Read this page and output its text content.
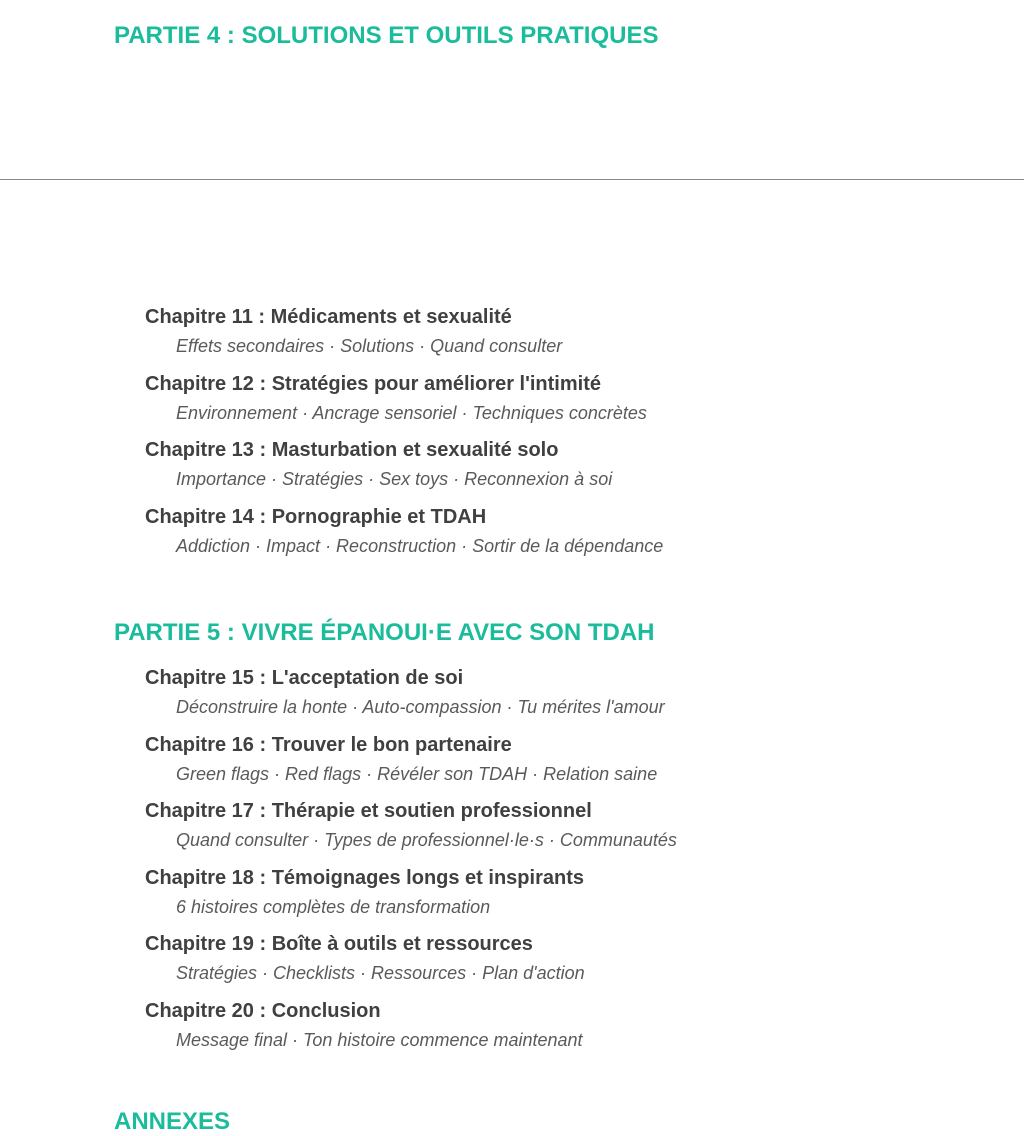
PARTIE 4 : SOLUTIONS ET OUTILS PRATIQUES
Chapitre 11 : Médicaments et sexualité
Effets secondaires · Solutions · Quand consulter
Chapitre 12 : Stratégies pour améliorer l'intimité
Environnement · Ancrage sensoriel · Techniques concrètes
Chapitre 13 : Masturbation et sexualité solo
Importance · Stratégies · Sex toys · Reconnexion à soi
Chapitre 14 : Pornographie et TDAH
Addiction · Impact · Reconstruction · Sortir de la dépendance
PARTIE 5 : VIVRE ÉPANOUI·E AVEC SON TDAH
Chapitre 15 : L'acceptation de soi
Déconstruire la honte · Auto-compassion · Tu mérites l'amour
Chapitre 16 : Trouver le bon partenaire
Green flags · Red flags · Révéler son TDAH · Relation saine
Chapitre 17 : Thérapie et soutien professionnel
Quand consulter · Types de professionnel·le·s · Communautés
Chapitre 18 : Témoignages longs et inspirants
6 histoires complètes de transformation
Chapitre 19 : Boîte à outils et ressources
Stratégies · Checklists · Ressources · Plan d'action
Chapitre 20 : Conclusion
Message final · Ton histoire commence maintenant
ANNEXES
